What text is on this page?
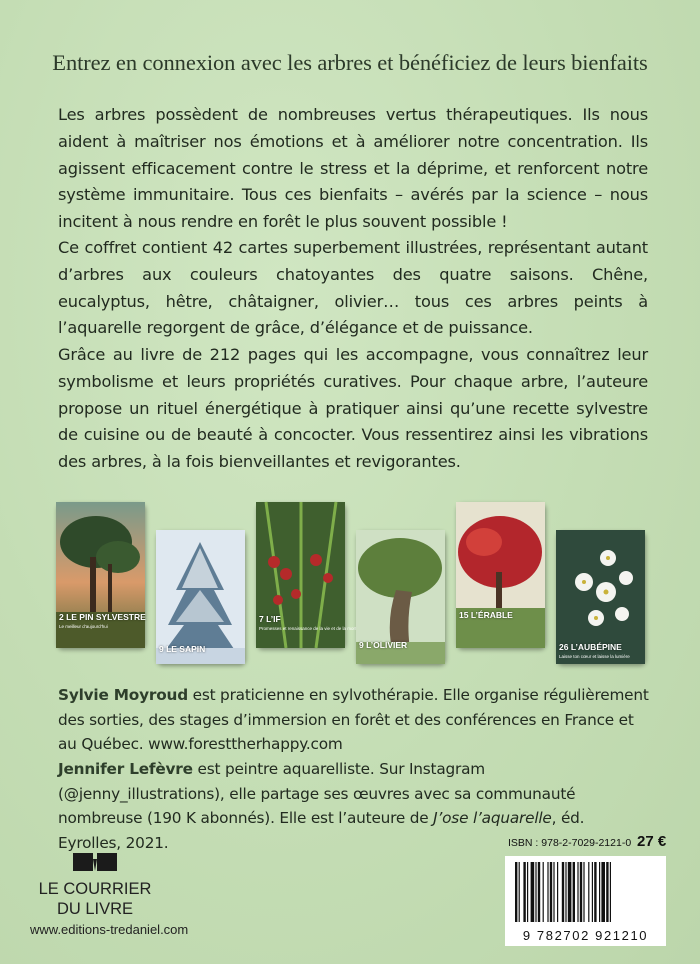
Entrez en connexion avec les arbres et bénéficiez de leurs bienfaits

Les arbres possèdent de nombreuses vertus thérapeutiques. Ils nous aident à maîtriser nos émotions et à améliorer notre concentration. Ils agissent efficacement contre le stress et la déprime, et renforcent notre système immunitaire. Tous ces bienfaits – avérés par la science – nous incitent à nous rendre en forêt le plus souvent possible !

Ce coffret contient 42 cartes superbement illustrées, représentant autant d’arbres aux couleurs chatoyantes des quatre saisons. Chêne, eucalyptus, hêtre, châtaigner, olivier… tous ces arbres peints à l’aquarelle regorgent de grâce, d’élégance et de puissance.

Grâce au livre de 212 pages qui les accompagne, vous connaîtrez leur symbolisme et leurs propriétés curatives. Pour chaque arbre, l’auteure propose un rituel énergétique à pratiquer ainsi qu’une recette sylvestre de cuisine ou de beauté à concocter. Vous ressentirez ainsi les vibrations des arbres, à la fois bienveillantes et revigorantes.

2 LE PIN SYLVESTRE
Le meilleur d’aujourd’hui
9 LE SAPIN
7 L’IF
Promesses et renaissance de la vie et de la mort
9 L’OLIVIER
15 L’ÉRABLE
26 L’AUBÉPINE
Laisse ton cœur et laisse la lumière

Sylvie Moyroud est praticienne en sylvothérapie. Elle organise régulièrement des sorties, des stages d’immersion en forêt et des conférences en France et au Québec. www.foresttherhappy.com

Jennifer Lefèvre est peintre aquarelliste. Sur Instagram (@jenny_illustrations), elle partage ses œuvres avec sa communauté nombreuse (190 K abonnés). Elle est l’auteure de J’ose l’aquarelle, éd. Eyrolles, 2021.	ISBN : 978-2-7029-2121-0 27 €
9 782702 921210
LE COURRIER DU LIVRE
www.editions-tredaniel.com
